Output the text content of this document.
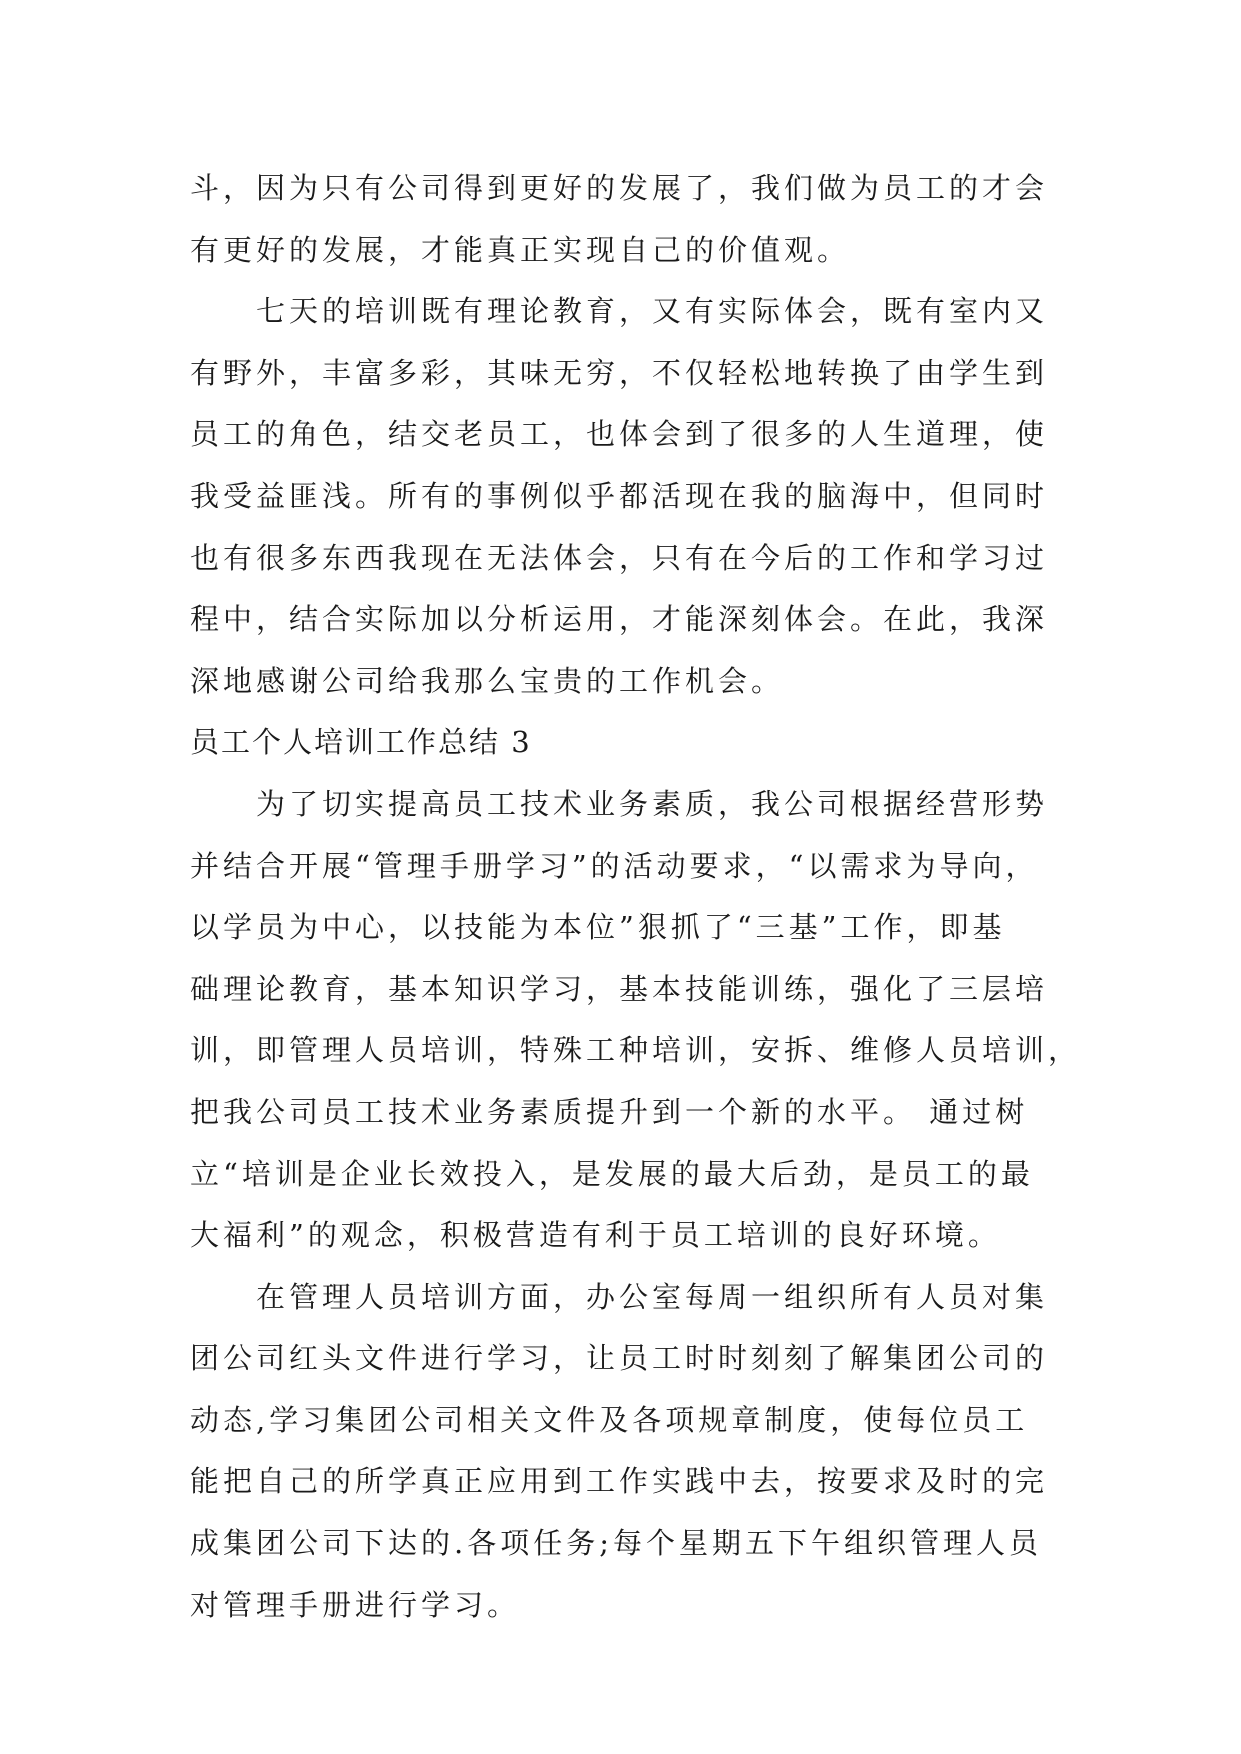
斗，因为只有公司得到更好的发展了，我们做为员工的才会
有更好的发展，才能真正实现自己的价值观。
七天的培训既有理论教育，又有实际体会，既有室内又
有野外，丰富多彩，其味无穷，不仅轻松地转换了由学生到
员工的角色，结交老员工，也体会到了很多的人生道理，使
我受益匪浅。所有的事例似乎都活现在我的脑海中，但同时
也有很多东西我现在无法体会，只有在今后的工作和学习过
程中，结合实际加以分析运用，才能深刻体会。在此，我深
深地感谢公司给我那么宝贵的工作机会。
员工个人培训工作总结 3
为了切实提高员工技术业务素质，我公司根据经营形势
并结合开展“管理手册学习”的活动要求，“以需求为导向，
以学员为中心，以技能为本位”狠抓了“三基”工作，即基
础理论教育，基本知识学习，基本技能训练，强化了三层培
训，即管理人员培训，特殊工种培训，安拆、维修人员培训，
把我公司员工技术业务素质提升到一个新的水平。 通过树
立“培训是企业长效投入，是发展的最大后劲，是员工的最
大福利”的观念，积极营造有利于员工培训的良好环境。
在管理人员培训方面，办公室每周一组织所有人员对集
团公司红头文件进行学习，让员工时时刻刻了解集团公司的
动态,学习集团公司相关文件及各项规章制度，使每位员工
能把自己的所学真正应用到工作实践中去，按要求及时的完
成集团公司下达的.各项任务;每个星期五下午组织管理人员
对管理手册进行学习。
